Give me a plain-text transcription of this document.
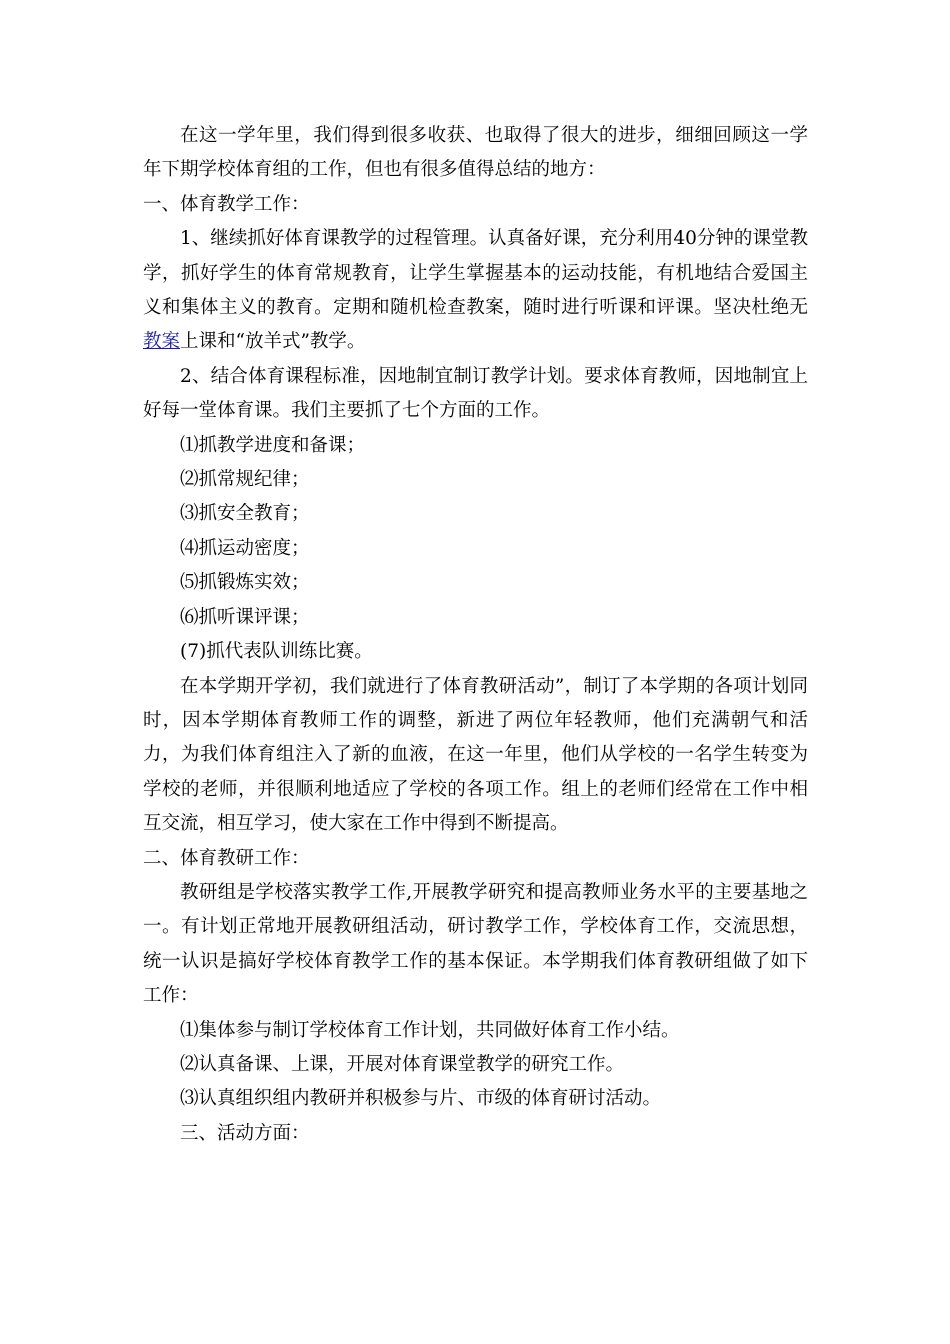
在这一学年里，我们得到很多收获、也取得了很大的进步，细细回顾这一学年下期学校体育组的工作，但也有很多值得总结的地方：

一、体育教学工作：

1、继续抓好体育课教学的过程管理。认真备好课，充分利用40分钟的课堂教学，抓好学生的体育常规教育，让学生掌握基本的运动技能，有机地结合爱国主义和集体主义的教育。定期和随机检查教案，随时进行听课和评课。坚决杜绝无教案上课和“放羊式”教学。

2、结合体育课程标准，因地制宜制订教学计划。要求体育教师，因地制宜上好每一堂体育课。我们主要抓了七个方面的工作。

⑴抓教学进度和备课；

⑵抓常规纪律；

⑶抓安全教育；

⑷抓运动密度；

⑸抓锻炼实效；

⑹抓听课评课；

(7)抓代表队训练比赛。

在本学期开学初，我们就进行了体育教研活动”，制订了本学期的各项计划同时，因本学期体育教师工作的调整，新进了两位年轻教师，他们充满朝气和活力，为我们体育组注入了新的血液，在这一年里，他们从学校的一名学生转变为学校的老师，并很顺利地适应了学校的各项工作。组上的老师们经常在工作中相互交流，相互学习，使大家在工作中得到不断提高。

二、体育教研工作：

教研组是学校落实教学工作,开展教学研究和提高教师业务水平的主要基地之一。有计划正常地开展教研组活动，研讨教学工作，学校体育工作，交流思想，统一认识是搞好学校体育教学工作的基本保证。本学期我们体育教研组做了如下工作：

⑴集体参与制订学校体育工作计划，共同做好体育工作小结。

⑵认真备课、上课，开展对体育课堂教学的研究工作。

⑶认真组织组内教研并积极参与片、市级的体育研讨活动。

三、活动方面：
